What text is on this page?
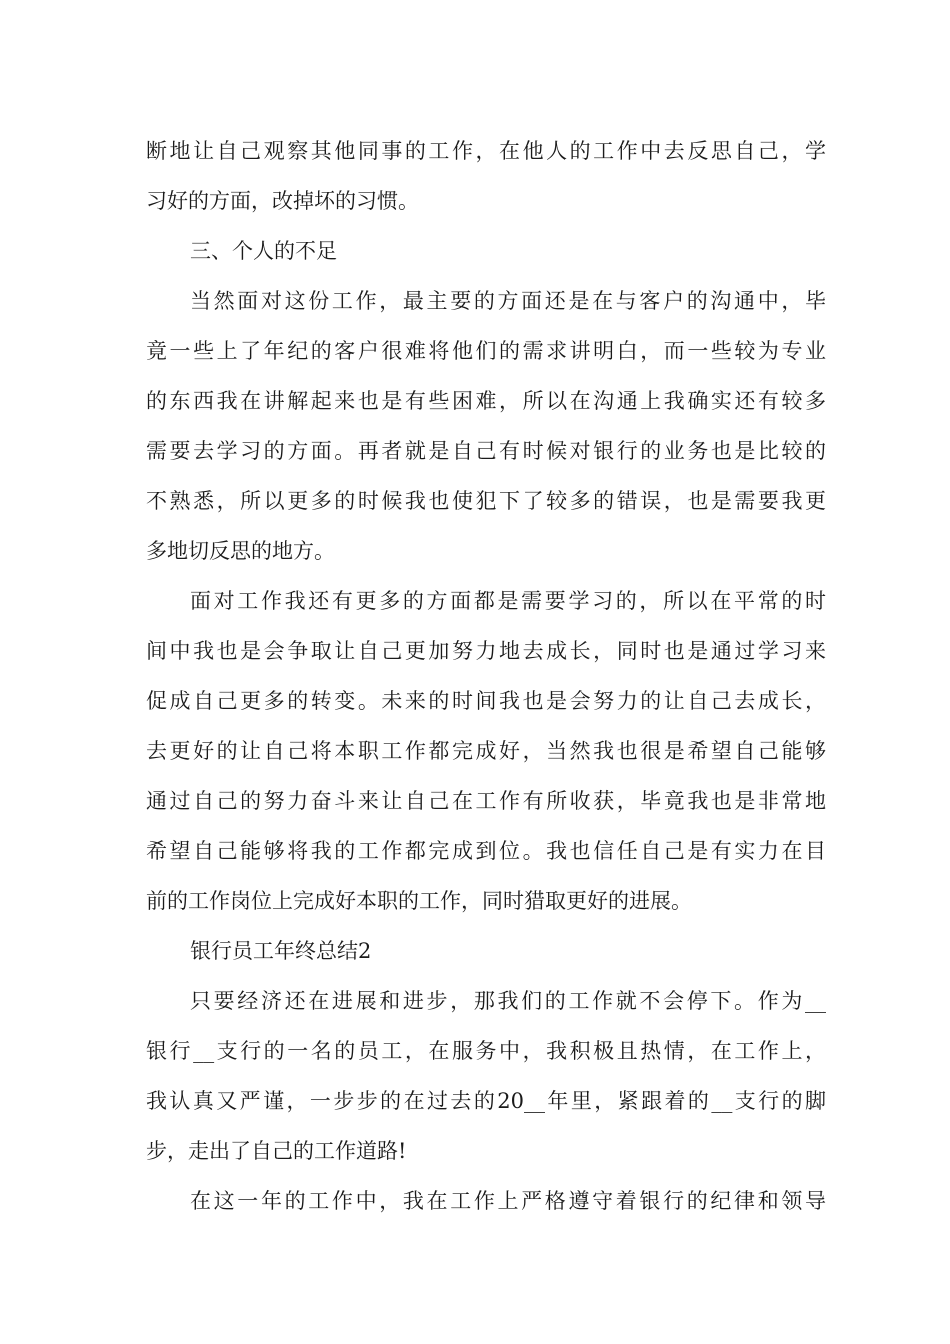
断地让自己观察其他同事的工作，在他人的工作中去反思自己，学
习好的方面，改掉坏的习惯。
三、个人的不足
当然面对这份工作，最主要的方面还是在与客户的沟通中，毕
竟一些上了年纪的客户很难将他们的需求讲明白，而一些较为专业
的东西我在讲解起来也是有些困难，所以在沟通上我确实还有较多
需要去学习的方面。再者就是自己有时候对银行的业务也是比较的
不熟悉，所以更多的时候我也使犯下了较多的错误，也是需要我更
多地切反思的地方。
面对工作我还有更多的方面都是需要学习的，所以在平常的时
间中我也是会争取让自己更加努力地去成长，同时也是通过学习来
促成自己更多的转变。未来的时间我也是会努力的让自己去成长，
去更好的让自己将本职工作都完成好，当然我也很是希望自己能够
通过自己的努力奋斗来让自己在工作有所收获，毕竟我也是非常地
希望自己能够将我的工作都完成到位。我也信任自己是有实力在目
前的工作岗位上完成好本职的工作，同时猎取更好的进展。
银行员工年终总结2
只要经济还在进展和进步，那我们的工作就不会停下。作为__
银行__支行的一名的员工，在服务中，我积极且热情，在工作上，
我认真又严谨，一步步的在过去的20__年里，紧跟着的__支行的脚
步，走出了自己的工作道路!
在这一年的工作中，我在工作上严格遵守着银行的纪律和领导
